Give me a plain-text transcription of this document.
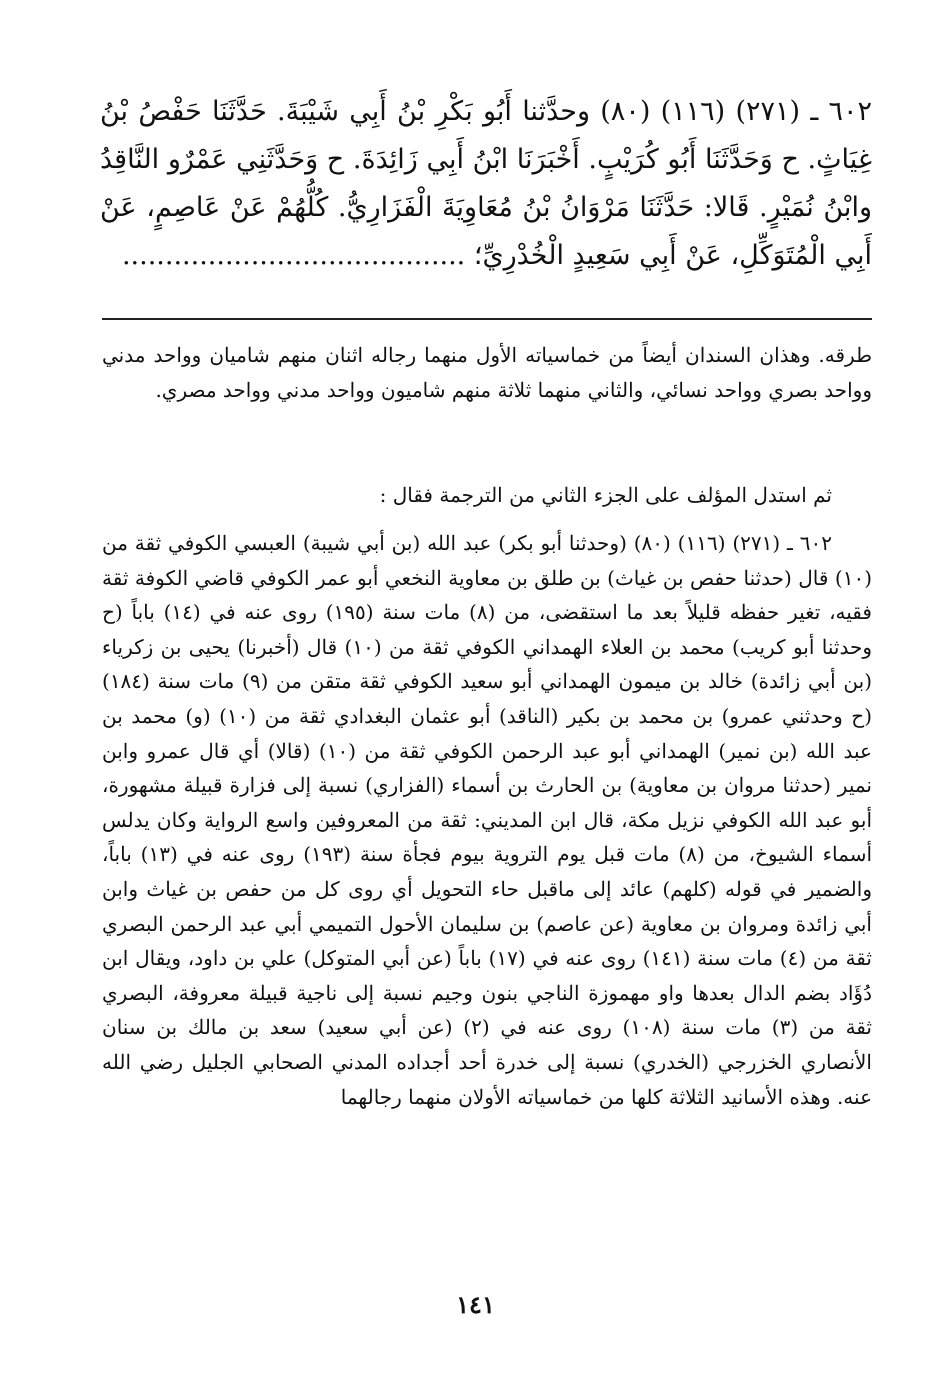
٦٠٢ ـ (٢٧١) (١١٦) (٨٠) وحدَّثنا أَبُو بَكْرِ بْنُ أَبِي شَيْبَةَ. حَدَّثَنَا حَفْصُ بْنُ غِيَاثٍ. ح وَحَدَّثَنَا أَبُو كُرَيْبٍ. أَخْبَرَنَا ابْنُ أَبِي زَائِدَةَ. ح وَحَدَّثَنِي عَمْرٌو النَّاقِدُ وابْنُ نُمَيْرٍ. قَالا: حَدَّثَنَا مَرْوَانُ بْنُ مُعَاوِيَةَ الْفَزَارِيُّ. كُلُّهُمْ عَنْ عَاصِمٍ، عَنْ أَبِي الْمُتَوَكِّلِ، عَنْ أَبِي سَعِيدٍ الْخُدْرِيِّ؛ ........................................

طرقه. وهذان السندان أيضاً من خماسياته الأول منهما رجاله اثنان منهم شاميان وواحد مدني وواحد بصري وواحد نسائي، والثاني منهما ثلاثة منهم شاميون وواحد مدني وواحد مصري.

ثم استدل المؤلف على الجزء الثاني من الترجمة فقال :

٦٠٢ ـ (٢٧١) (١١٦) (٨٠) (وحدثنا أبو بكر) عبد الله (بن أبي شيبة) العبسي الكوفي ثقة من (١٠) قال (حدثنا حفص بن غياث) بن طلق بن معاوية النخعي أبو عمر الكوفي قاضي الكوفة ثقة فقيه، تغير حفظه قليلاً بعد ما استقضى، من (٨) مات سنة (١٩٥) روى عنه في (١٤) باباً (ح وحدثنا أبو كريب) محمد بن العلاء الهمداني الكوفي ثقة من (١٠) قال (أخبرنا) يحيى بن زكرياء (بن أبي زائدة) خالد بن ميمون الهمداني أبو سعيد الكوفي ثقة متقن من (٩) مات سنة (١٨٤) (ح وحدثني عمرو) بن محمد بن بكير (الناقد) أبو عثمان البغدادي ثقة من (١٠) (و) محمد بن عبد الله (بن نمير) الهمداني أبو عبد الرحمن الكوفي ثقة من (١٠) (قالا) أي قال عمرو وابن نمير (حدثنا مروان بن معاوية) بن الحارث بن أسماء (الفزاري) نسبة إلى فزارة قبيلة مشهورة، أبو عبد الله الكوفي نزيل مكة، قال ابن المديني: ثقة من المعروفين واسع الرواية وكان يدلس أسماء الشيوخ، من (٨) مات قبل يوم التروية بيوم فجأة سنة (١٩٣) روى عنه في (١٣) باباً، والضمير في قوله (كلهم) عائد إلى ماقبل حاء التحويل أي روى كل من حفص بن غياث وابن أبي زائدة ومروان بن معاوية (عن عاصم) بن سليمان الأحول التميمي أبي عبد الرحمن البصري ثقة من (٤) مات سنة (١٤١) روى عنه في (١٧) باباً (عن أبي المتوكل) علي بن داود، ويقال ابن دُؤَاد بضم الدال بعدها واو مهموزة الناجي بنون وجيم نسبة إلى ناجية قبيلة معروفة، البصري ثقة من (٣) مات سنة (١٠٨) روى عنه في (٢) (عن أبي سعيد) سعد بن مالك بن سنان الأنصاري الخزرجي (الخدري) نسبة إلى خدرة أحد أجداده المدني الصحابي الجليل رضي الله عنه. وهذه الأسانيد الثلاثة كلها من خماسياته الأولان منهما رجالهما

١٤١
